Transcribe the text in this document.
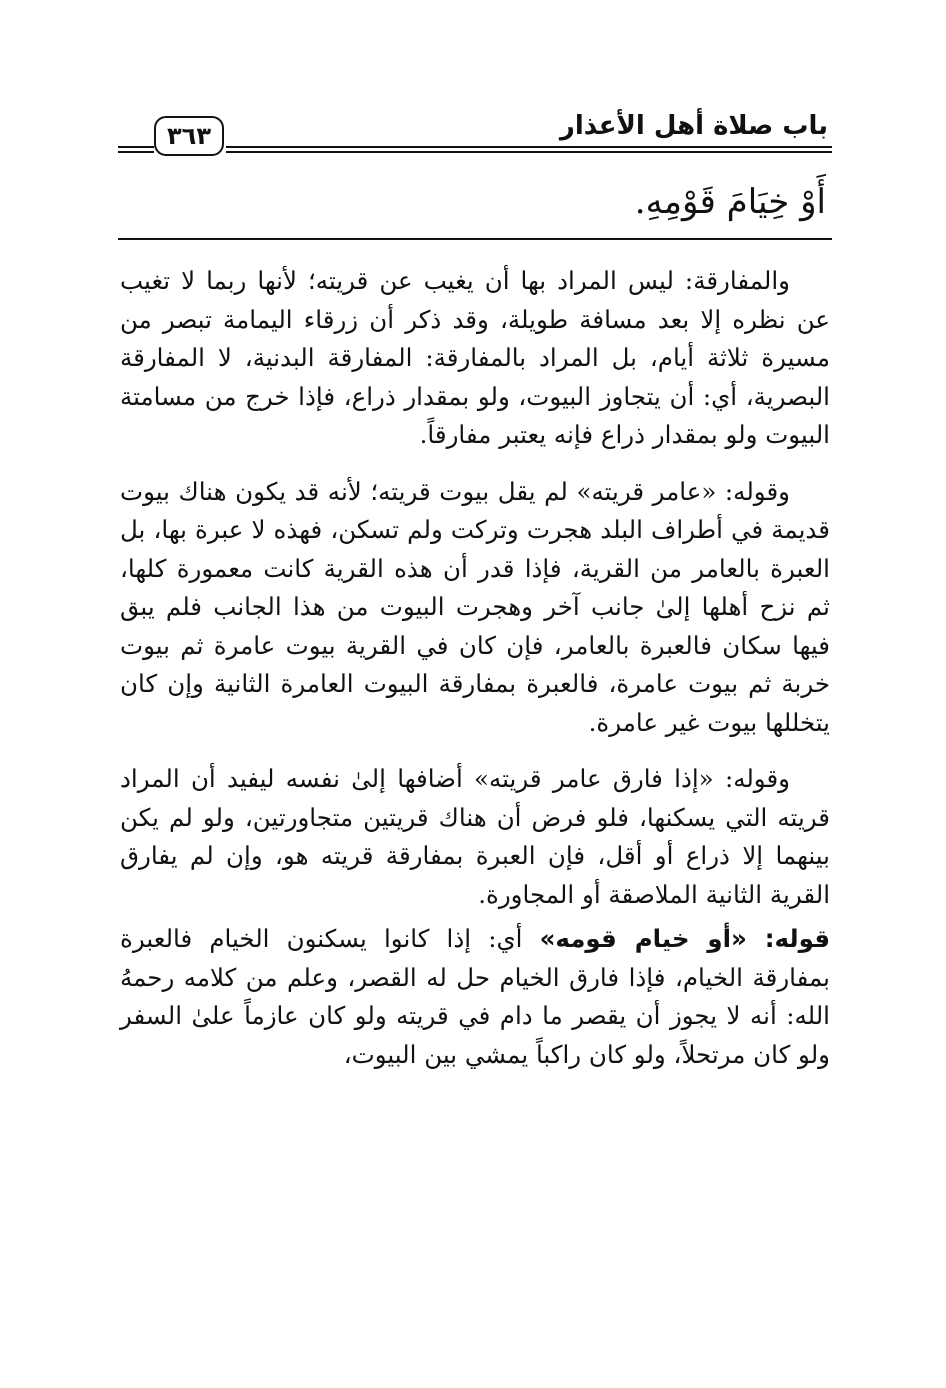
باب صلاة أهل الأعذار
٣٦٣
أَوْ خِيَامَ قَوْمِهِ.

والمفارقة: ليس المراد بها أن يغيب عن قريته؛ لأنها ربما لا تغيب عن نظره إلا بعد مسافة طويلة، وقد ذكر أن زرقاء اليمامة تبصر من مسيرة ثلاثة أيام، بل المراد بالمفارقة: المفارقة البدنية، لا المفارقة البصرية، أي: أن يتجاوز البيوت، ولو بمقدار ذراع، فإذا خرج من مسامتة البيوت ولو بمقدار ذراع فإنه يعتبر مفارقاً.

وقوله: «عامر قريته» لم يقل بيوت قريته؛ لأنه قد يكون هناك بيوت قديمة في أطراف البلد هجرت وتركت ولم تسكن، فهذه لا عبرة بها، بل العبرة بالعامر من القرية، فإذا قدر أن هذه القرية كانت معمورة كلها، ثم نزح أهلها إلىٰ جانب آخر وهجرت البيوت من هذا الجانب فلم يبق فيها سكان فالعبرة بالعامر، فإن كان في القرية بيوت عامرة ثم بيوت خربة ثم بيوت عامرة، فالعبرة بمفارقة البيوت العامرة الثانية وإن كان يتخللها بيوت غير عامرة.

وقوله: «إذا فارق عامر قريته» أضافها إلىٰ نفسه ليفيد أن المراد قريته التي يسكنها، فلو فرض أن هناك قريتين متجاورتين، ولو لم يكن بينهما إلا ذراع أو أقل، فإن العبرة بمفارقة قريته هو، وإن لم يفارق القرية الثانية الملاصقة أو المجاورة.

قوله: «أو خيام قومه» أي: إذا كانوا يسكنون الخيام فالعبرة بمفارقة الخيام، فإذا فارق الخيام حل له القصر، وعلم من كلامه رحمهُ الله: أنه لا يجوز أن يقصر ما دام في قريته ولو كان عازماً علىٰ السفر ولو كان مرتحلاً، ولو كان راكباً يمشي بين البيوت،
